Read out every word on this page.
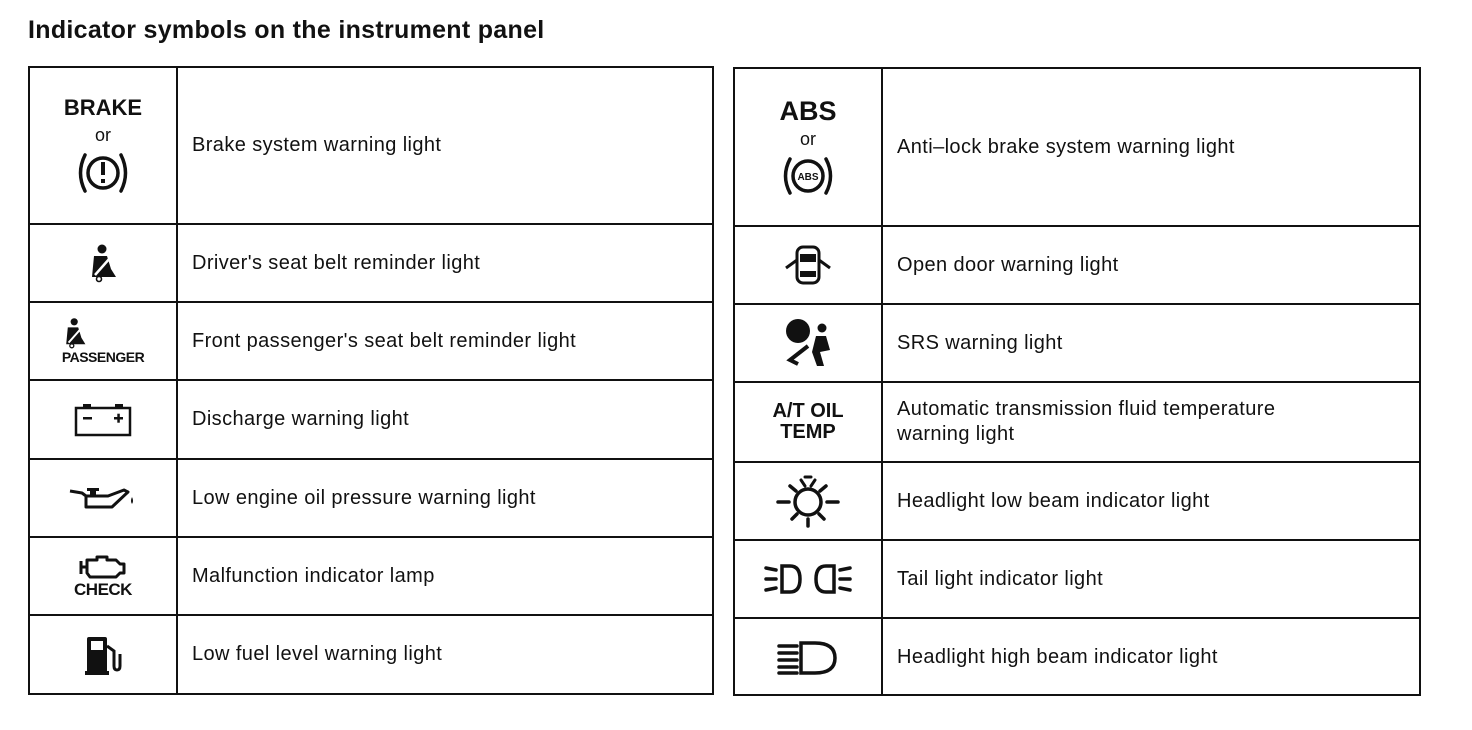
Indicator symbols on the instrument panel
BRAKE
or	Brake system warning light
Driver's seat belt reminder light
PASSENGER
Front passenger's seat belt reminder light
Discharge warning light
Low engine oil pressure warning light
CHECK
Malfunction indicator lamp
Low fuel level warning light
ABS
or
ABS
Anti–lock brake system warning light
Open door warning light
SRS warning light
A/T OIL
TEMP
Automatic transmission fluid temperature
warning light
Headlight low beam indicator light
Tail light indicator light
Headlight high beam indicator light
